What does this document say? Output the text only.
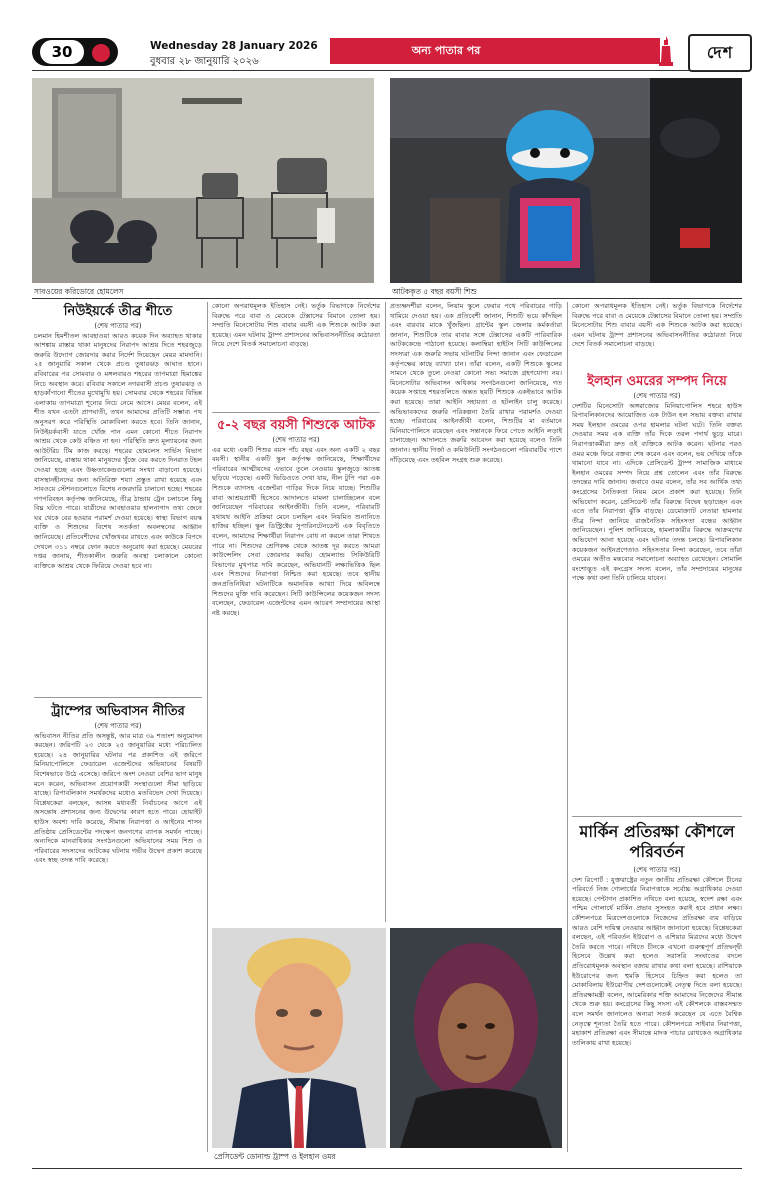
30	Wednesday 28 January 2026
বুধবার ২৮ জানুয়ারি ২০২৬
অন্য পাতার পর	দেশ
সাবওয়ের করিডোরে হোমলেস	আটককৃত ৫ বছর বয়সী শিশু
নিউইয়র্কে তীব্র শীতে

(শেষ পাতার পর)

চলমান হিমশীতল আবহাওয়া আরও কয়েক দিন অব্যাহত থাকার আশঙ্কায় রাস্তায় থাকা মানুষদের নিরাপদ আশ্রয় দিতে শহরজুড়ে জরুরি উদ্যোগ জোরদার করার নির্দেশ দিয়েছেন মেয়র মামদানি। ২৫ জানুয়ারি সকাল থেকে প্রচণ্ড তুষারঝড় আঘাত হানে। রবিবারের পর সোমবার ও মঙ্গলবারও শহরের তাপমাত্রা হিমাঙ্কের নিচে অবস্থান করে। রবিবার সকালে নগরবাসী প্রচণ্ড তুষারঝড় ও হাড়কাঁপানো শীতের মুখোমুখি হয়। সোমবার থেকে শহরের বিভিন্ন এলাকায় তাপমাত্রা শূন্যের নিচে নেমে আসে। মেয়র বলেন, এই শীত যখন এতটা প্রাণঘাতী, তখন আমাদের প্রতিটি সম্ভাব্য পথ অনুসরণ করে পরিস্থিতি মোকাবিলা করতে হবে। তিনি জানান, নিউইয়র্কবাসী যাতে খোঁজ পান এমন কোনো শীতে নিরাপদ আশ্রয় থেকে কেউ বঞ্চিত না হন। পরিস্থিতি দ্রুত মূল্যায়নের জন্য আউটরিচ টিম কাজ করছে। শহরের হোমলেস সার্ভিস বিভাগ জানিয়েছে, রাস্তায় থাকা মানুষদের খুঁজে বের করতে দিনরাত টহল দেওয়া হচ্ছে এবং উষ্ণতাকেন্দ্রগুলোর সংখ্যা বাড়ানো হয়েছে। বাসস্থানহীনদের জন্য অতিরিক্ত শয্যা প্রস্তুত রাখা হয়েছে এবং সাবওয়ে স্টেশনগুলোতে বিশেষ নজরদারি চালানো হচ্ছে। শহরের গণপরিবহন কর্তৃপক্ষ জানিয়েছে, তীব্র ঠান্ডায় ট্রেন চলাচলে কিছু বিঘ্ন ঘটতে পারে। যাত্রীদের আবহাওয়ার হালনাগাদ তথ্য জেনে ঘর থেকে বের হওয়ার পরামর্শ দেওয়া হয়েছে। স্বাস্থ্য বিভাগ বয়স্ক ব্যক্তি ও শিশুদের বিশেষ সতর্কতা অবলম্বনের আহ্বান জানিয়েছে। প্রতিবেশীদের খোঁজখবর রাখতে এবং কাউকে বিপদে দেখলে ৩১১ নম্বরে ফোন করতে অনুরোধ করা হয়েছে। মেয়রের দপ্তর জানায়, শীতকালীন জরুরি অবস্থা চলাকালে কোনো ব্যক্তিকে আশ্রয় থেকে ফিরিয়ে দেওয়া হবে না।

ট্রাম্পের অভিবাসন নীতির

(শেষ পাতার পর)

অভিবাসন নীতির প্রতি অসন্তুষ্ট, আর মাত্র ৩৯ শতাংশ অনুমোদন করছেন। জরিপটি ২৩ থেকে ২৫ জানুয়ারির মধ্যে পরিচালিত হয়েছে। ২৪ জানুয়ারির ঘটনার পর প্রকাশিত এই জরিপে মিনিয়াপোলিসে ফেডারেল এজেন্টদের অভিযানের বিষয়টি বিশেষভাবে উঠে এসেছে। জরিপে অংশ নেওয়া বেশির ভাগ মানুষ মনে করেন, অভিবাসন প্রয়োগকারী সংস্থাগুলো সীমা ছাড়িয়ে যাচ্ছে। রিপাবলিকান সমর্থকদের মধ্যেও মতবিভেদ দেখা দিয়েছে। বিশ্লেষকেরা বলছেন, আসন্ন মধ্যবর্তী নির্বাচনের আগে এই অসন্তোষ প্রশাসনের জন্য উদ্বেগের কারণ হতে পারে। হোয়াইট হাউস অবশ্য দাবি করেছে, সীমান্ত নিরাপত্তা ও আইনের শাসন প্রতিষ্ঠায় প্রেসিডেন্টের পদক্ষেপ জনগণের ব্যাপক সমর্থন পাচ্ছে। অন্যদিকে মানবাধিকার সংগঠনগুলো অভিযানের সময় শিশু ও পরিবারের সদস্যদের আটকের ঘটনায় গভীর উদ্বেগ প্রকাশ করেছে এবং স্বচ্ছ তদন্ত দাবি করেছে।

কোনো অপরাধমূলক ইতিহাস নেই। ভর্তুক বিভাগকে নির্দেশের বিরুদ্ধে পরে বাবা ও মেয়েকে টেক্সাসের বিমানে তোলা হয়। সম্প্রতি মিনেসোটায় শিশু বাবার বয়সী এক শিশুকে আটক করা হয়েছে। এমন ঘটনায় ট্রাম্প প্রশাসনের অভিবাসননীতির কঠোরতা নিয়ে দেশে বিতর্ক সমালোচনা বাড়ছে।

৫-২ বছর বয়সী শিশুকে আটক

(শেষ পাতার পর)

এর মধ্যে একটি শিশুর বয়স পাঁচ বছর এবং অন্য একটি ২ বছর বয়সী। স্থানীয় একটি স্কুল কর্তৃপক্ষ জানিয়েছে, শিক্ষার্থীদের পরিবারের আত্মীয়দের এভাবে তুলে নেওয়ায় স্কুলজুড়ে আতঙ্ক ছড়িয়ে পড়েছে। একটি ভিডিওতে দেখা যায়, নীল টুপি পরা এক শিশুকে ব্যাগসহ এজেন্টরা গাড়ির দিকে নিয়ে যাচ্ছে। শিশুটির বাবা আশ্রয়প্রার্থী হিসেবে আদালতে মামলা চালাচ্ছিলেন বলে জানিয়েছেন পরিবারের আইনজীবী। তিনি বলেন, পরিবারটি যথাযথ আইনি প্রক্রিয়া মেনে চলছিল এবং নিয়মিত শুনানিতে হাজির হচ্ছিল। স্কুল ডিস্ট্রিক্টের সুপারিনটেনডেন্ট এক বিবৃতিতে বলেন, আমাদের শিক্ষার্থীরা নিরাপদ বোধ না করলে তারা শিখতে পারে না। শিশুদের শ্রেণিকক্ষ থেকে আতঙ্ক দূর করতে আমরা কাউন্সেলিং সেবা জোরদার করছি। হোমল্যান্ড সিকিউরিটি বিভাগের মুখপাত্র দাবি করেছেন, অভিযানটি লক্ষ্যভিত্তিক ছিল এবং শিশুদের নিরাপত্তা নিশ্চিত করা হয়েছে। তবে স্থানীয় জনপ্রতিনিধিরা ঘটনাটিকে অমানবিক আখ্যা দিয়ে অবিলম্বে শিশুদের মুক্তি দাবি করেছেন। সিটি কাউন্সিলের কয়েকজন সদস্য বলেছেন, ফেডারেল এজেন্টদের এমন আচরণ সম্প্রদায়ের আস্থা নষ্ট করছে।

প্রত্যক্ষদর্শীরা বলেন, লিয়াম স্কুলে ফেরার পথে পরিবারের গাড়ি থামিয়ে দেওয়া হয়। এক প্রতিবেশী জানান, শিশুটি ভয়ে কাঁদছিল এবং বারবার মাকে খুঁজছিল। গ্রান্টের স্কুল জেলার কর্মকর্তারা জানান, শিশুটিকে তার বাবার সঙ্গে টেক্সাসের একটি পারিবারিক আটককেন্দ্রে পাঠানো হয়েছে। কলাম্বিয়া হাইটস সিটি কাউন্সিলের সদস্যরা এক জরুরি সভায় ঘটনাটির নিন্দা জানান এবং ফেডারেল কর্তৃপক্ষের কাছে ব্যাখ্যা চান। তাঁরা বলেন, একটি শিশুকে স্কুলের সামনে থেকে তুলে নেওয়া কোনো সভ্য সমাজে গ্রহণযোগ্য নয়। মিনেসোটার অভিবাসন অধিকার সংগঠনগুলো জানিয়েছে, গত কয়েক সপ্তাহে শহরতলিতে অন্তত ছয়টি শিশুকে একইভাবে আটক করা হয়েছে। তারা আইনি সহায়তা ও হটলাইন চালু করেছে। অভিভাবকদের জরুরি পরিকল্পনা তৈরি রাখার পরামর্শও দেওয়া হচ্ছে। পরিবারের আইনজীবী বলেন, শিশুটির মা বর্তমানে মিনিয়াপোলিসে রয়েছেন এবং সন্তানকে ফিরে পেতে আইনি লড়াই চালাচ্ছেন। আদালতে জরুরি আবেদন করা হয়েছে বলেও তিনি জানান। স্থানীয় গির্জা ও কমিউনিটি সংগঠনগুলো পরিবারটির পাশে দাঁড়িয়েছে এবং তহবিল সংগ্রহ শুরু করেছে।

কোনো অপরাধমূলক ইতিহাস নেই। ভর্তুক বিভাগকে নির্দেশের বিরুদ্ধে পরে বাবা ও মেয়েকে টেক্সাসের বিমানে তোলা হয়। সম্প্রতি মিনেসোটায় শিশু বাবার বয়সী এক শিশুকে আটক করা হয়েছে। এমন ঘটনায় ট্রাম্প প্রশাসনের অভিবাসননীতির কঠোরতা নিয়ে দেশে বিতর্ক সমালোচনা বাড়ছে।

ইলহান ওমরের সম্পদ নিয়ে

(শেষ পাতার পর)

দেশটির মিনেসোটা অঙ্গরাজ্যের মিনিয়াপোলিস শহরে হাউস রিপাবলিকানদের আয়োজিত এক টাউন হল সভায় বক্তব্য রাখার সময় ইলহান ওমরের ওপর হামলার ঘটনা ঘটে। তিনি বক্তব্য দেওয়ার সময় এক ব্যক্তি তাঁর দিকে তরল পদার্থ ছুড়ে মারে। নিরাপত্তাকর্মীরা দ্রুত ওই ব্যক্তিকে আটক করেন। ঘটনার পরও ওমর মঞ্চে ফিরে বক্তব্য শেষ করেন এবং বলেন, ভয় দেখিয়ে তাঁকে থামানো যাবে না। এদিকে প্রেসিডেন্ট ট্রাম্প সামাজিক মাধ্যমে ইলহান ওমরের সম্পদ নিয়ে প্রশ্ন তোলেন এবং তাঁর বিরুদ্ধে তদন্তের দাবি জানান। জবাবে ওমর বলেন, তাঁর সব আর্থিক তথ্য কংগ্রেসের নৈতিকতা নিয়ম মেনে প্রকাশ করা হয়েছে। তিনি অভিযোগ করেন, প্রেসিডেন্ট তাঁর বিরুদ্ধে বিদ্বেষ ছড়াচ্ছেন এবং এতে তাঁর নিরাপত্তা ঝুঁকি বাড়ছে। ডেমোক্র্যাট নেতারা হামলার তীব্র নিন্দা জানিয়ে রাজনৈতিক সহিংসতা বন্ধের আহ্বান জানিয়েছেন। পুলিশ জানিয়েছে, হামলাকারীর বিরুদ্ধে আক্রমণের অভিযোগ আনা হয়েছে এবং ঘটনার তদন্ত চলছে। রিপাবলিকান কয়েকজন আইনপ্রণেতাও সহিংসতার নিন্দা করেছেন, তবে তাঁরা ওমরের অতীত মন্তব্যের সমালোচনা অব্যাহত রেখেছেন। সোমালি বংশোদ্ভূত এই কংগ্রেস সদস্য বলেন, তাঁর সম্প্রদায়ের মানুষের পক্ষে কথা বলা তিনি চালিয়ে যাবেন।

মার্কিন প্রতিরক্ষা কৌশলে পরিবর্তন

(শেষ পাতার পর)

দেশ রিপোর্ট : যুক্তরাষ্ট্রের নতুন জাতীয় প্রতিরক্ষা কৌশলে চীনের পরিবর্তে নিজ গোলার্ধের নিরাপত্তাকে সর্বোচ্চ অগ্রাধিকার দেওয়া হয়েছে। পেন্টাগন প্রকাশিত নথিতে বলা হয়েছে, স্বদেশ রক্ষা এবং পশ্চিম গোলার্ধে মার্কিন প্রভাব সুসংহত করাই হবে প্রধান লক্ষ্য। কৌশলপত্রে মিত্রদেশগুলোকে নিজেদের প্রতিরক্ষা ব্যয় বাড়িয়ে আরও বেশি দায়িত্ব নেওয়ার আহ্বান জানানো হয়েছে। বিশ্লেষকেরা বলছেন, এই পরিবর্তন ইউরোপ ও এশিয়ার মিত্রদের মধ্যে উদ্বেগ তৈরি করতে পারে। নথিতে চীনকে এখনো গুরুত্বপূর্ণ প্রতিদ্বন্দ্বী হিসেবে উল্লেখ করা হলেও সরাসরি সংঘাতের বদলে প্রতিরোধমূলক অবস্থান বজায় রাখার কথা বলা হয়েছে। রাশিয়াকে ইউরোপের জন্য হুমকি হিসেবে চিহ্নিত করা হলেও তা মোকাবিলায় ইউরোপীয় দেশগুলোকেই নেতৃত্ব দিতে বলা হয়েছে। প্রতিরক্ষামন্ত্রী বলেন, আমেরিকার শক্তি আমাদের নিজেদের সীমান্ত থেকে শুরু হয়। কংগ্রেসের কিছু সদস্য এই কৌশলকে বাস্তবসম্মত বলে সমর্থন জানালেও অন্যরা সতর্ক করেছেন যে এতে বৈশ্বিক নেতৃত্বে শূন্যতা তৈরি হতে পারে। কৌশলপত্রে সাইবার নিরাপত্তা, মহাকাশ প্রতিরক্ষা এবং সীমান্তে মাদক পাচার রোধকেও অগ্রাধিকার তালিকায় রাখা হয়েছে।

প্রেসিডেন্ট ডোনাল্ড ট্রাম্প ও ইলহান ওমর
